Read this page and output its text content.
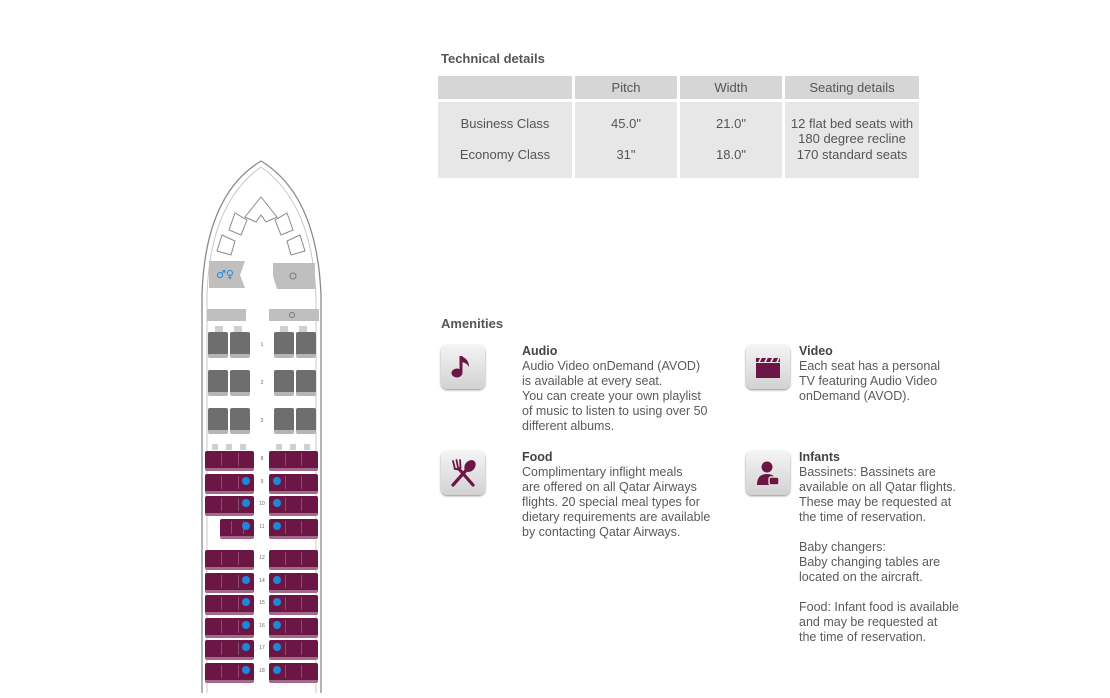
♂♀
1
2
3
8
9
10
11
12
14
15
16
17
18
Technical details
	Pitch	Width	Seating details
Business Class	45.0"	21.0"	12 flat bed seats with 180 degree recline
Economy Class	31"	18.0"	170 standard seats
Amenities
Audio
Audio Video onDemand (AVOD)
is available at every seat.
You can create your own playlist
of music to listen to using over 50
different albums.
Video
Each seat has a personal
TV featuring Audio Video
onDemand (AVOD).
Food
Complimentary inflight meals
are offered on all Qatar Airways
flights. 20 special meal types for
dietary requirements are available
by contacting Qatar Airways.
Infants
Bassinets: Bassinets are
available on all Qatar flights.
These may be requested at
the time of reservation.
Baby changers:
Baby changing tables are
located on the aircraft.
Food: Infant food is available
and may be requested at
the time of reservation.
